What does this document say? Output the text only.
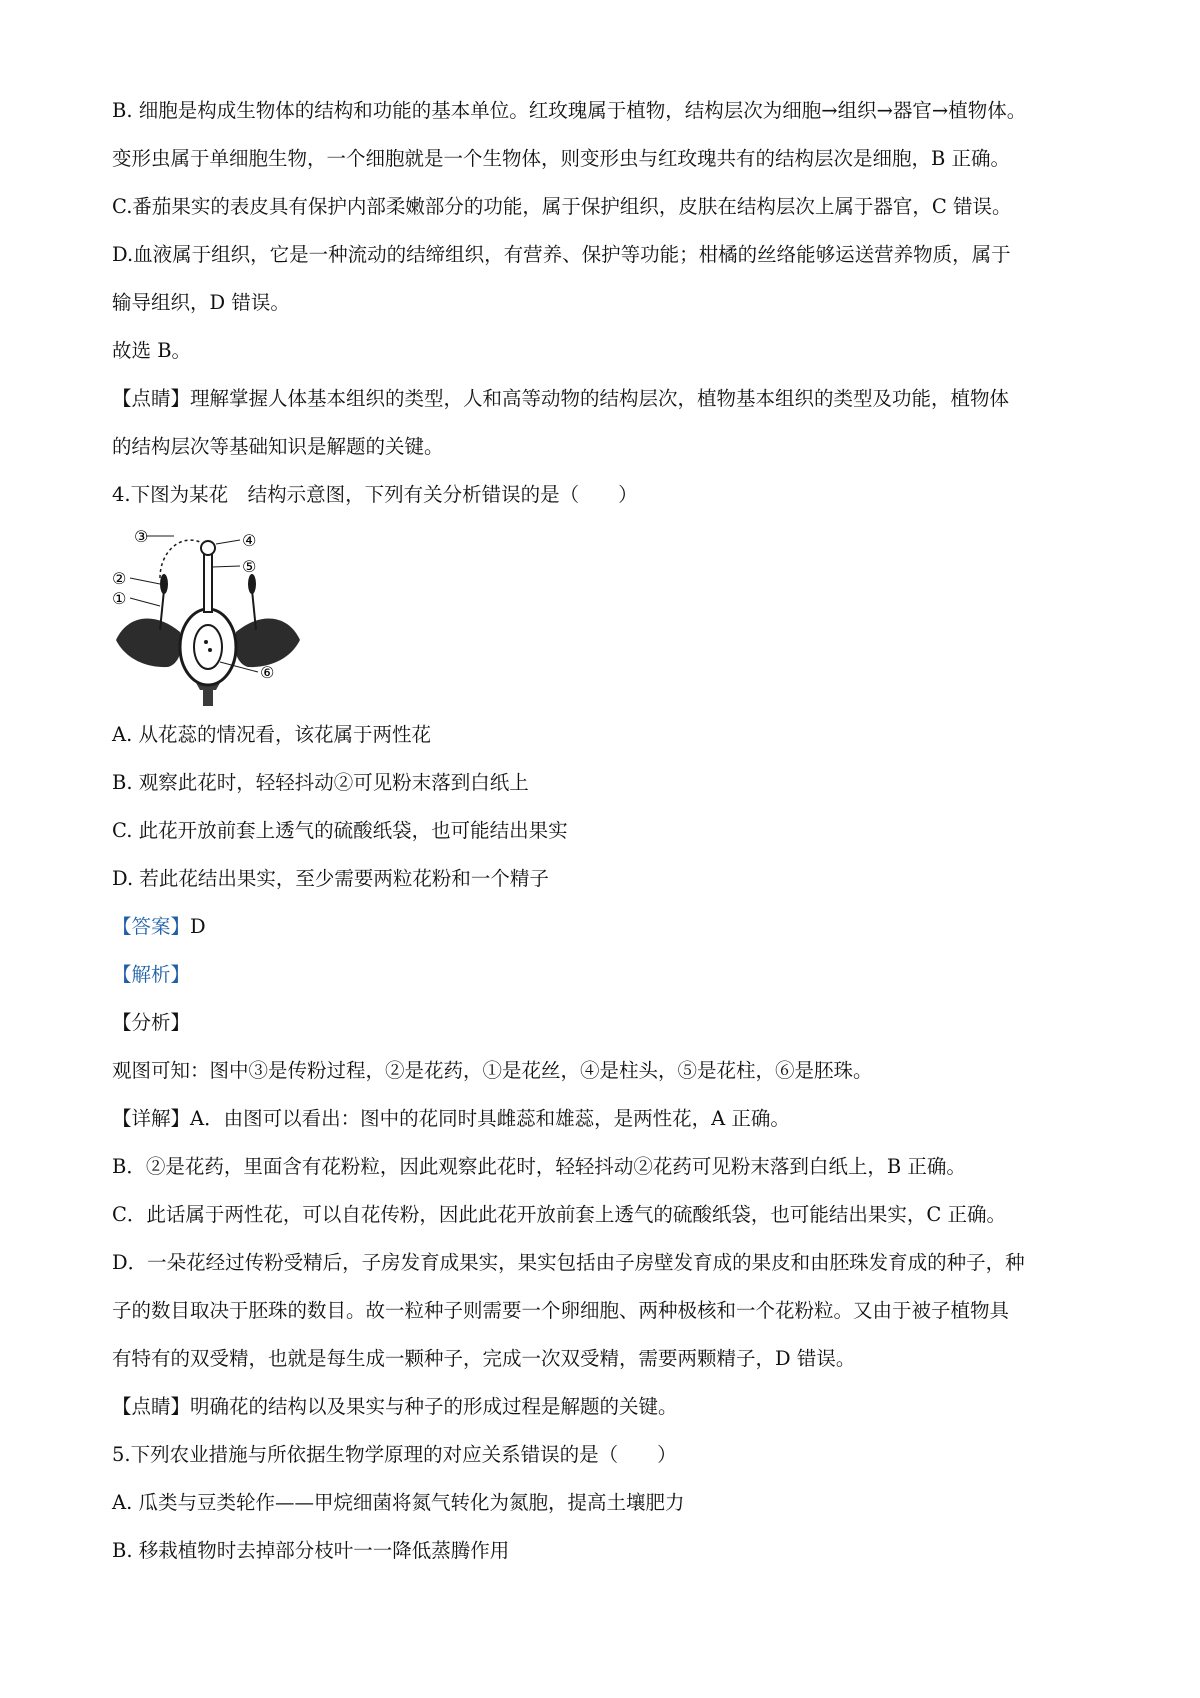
B. 细胞是构成生物体的结构和功能的基本单位。红玫瑰属于植物，结构层次为细胞→组织→器官→植物体。
变形虫属于单细胞生物，一个细胞就是一个生物体，则变形虫与红玫瑰共有的结构层次是细胞，B 正确。
C.番茄果实的表皮具有保护内部柔嫩部分的功能，属于保护组织，皮肤在结构层次上属于器官，C 错误。
D.血液属于组织，它是一种流动的结缔组织，有营养、保护等功能；柑橘的丝络能够运送营养物质，属于
输导组织，D 错误。
故选 B。
【点睛】理解掌握人体基本组织的类型，人和高等动物的结构层次，植物基本组织的类型及功能，植物体
的结构层次等基础知识是解题的关键。
4.下图为某花　结构示意图，下列有关分析错误的是（　　）
③	④
②
⑤
①
⑥
A. 从花蕊的情况看，该花属于两性花
B. 观察此花时，轻轻抖动②可见粉末落到白纸上
C. 此花开放前套上透气的硫酸纸袋，也可能结出果实
D. 若此花结出果实，至少需要两粒花粉和一个精子
【答案】D
【解析】
【分析】
观图可知：图中③是传粉过程，②是花药，①是花丝，④是柱头，⑤是花柱，⑥是胚珠。
【详解】A．由图可以看出：图中的花同时具雌蕊和雄蕊，是两性花，A 正确。
B．②是花药，里面含有花粉粒，因此观察此花时，轻轻抖动②花药可见粉末落到白纸上，B 正确。
C．此话属于两性花，可以自花传粉，因此此花开放前套上透气的硫酸纸袋，也可能结出果实，C 正确。
D．一朵花经过传粉受精后，子房发育成果实，果实包括由子房壁发育成的果皮和由胚珠发育成的种子，种
子的数目取决于胚珠的数目。故一粒种子则需要一个卵细胞、两种极核和一个花粉粒。又由于被子植物具
有特有的双受精，也就是每生成一颗种子，完成一次双受精，需要两颗精子，D 错误。
【点睛】明确花的结构以及果实与种子的形成过程是解题的关键。
5.下列农业措施与所依据生物学原理的对应关系错误的是（　　）
A. 瓜类与豆类轮作——甲烷细菌将氮气转化为氮胞，提高土壤肥力
B. 移栽植物时去掉部分枝叶一一降低蒸腾作用
